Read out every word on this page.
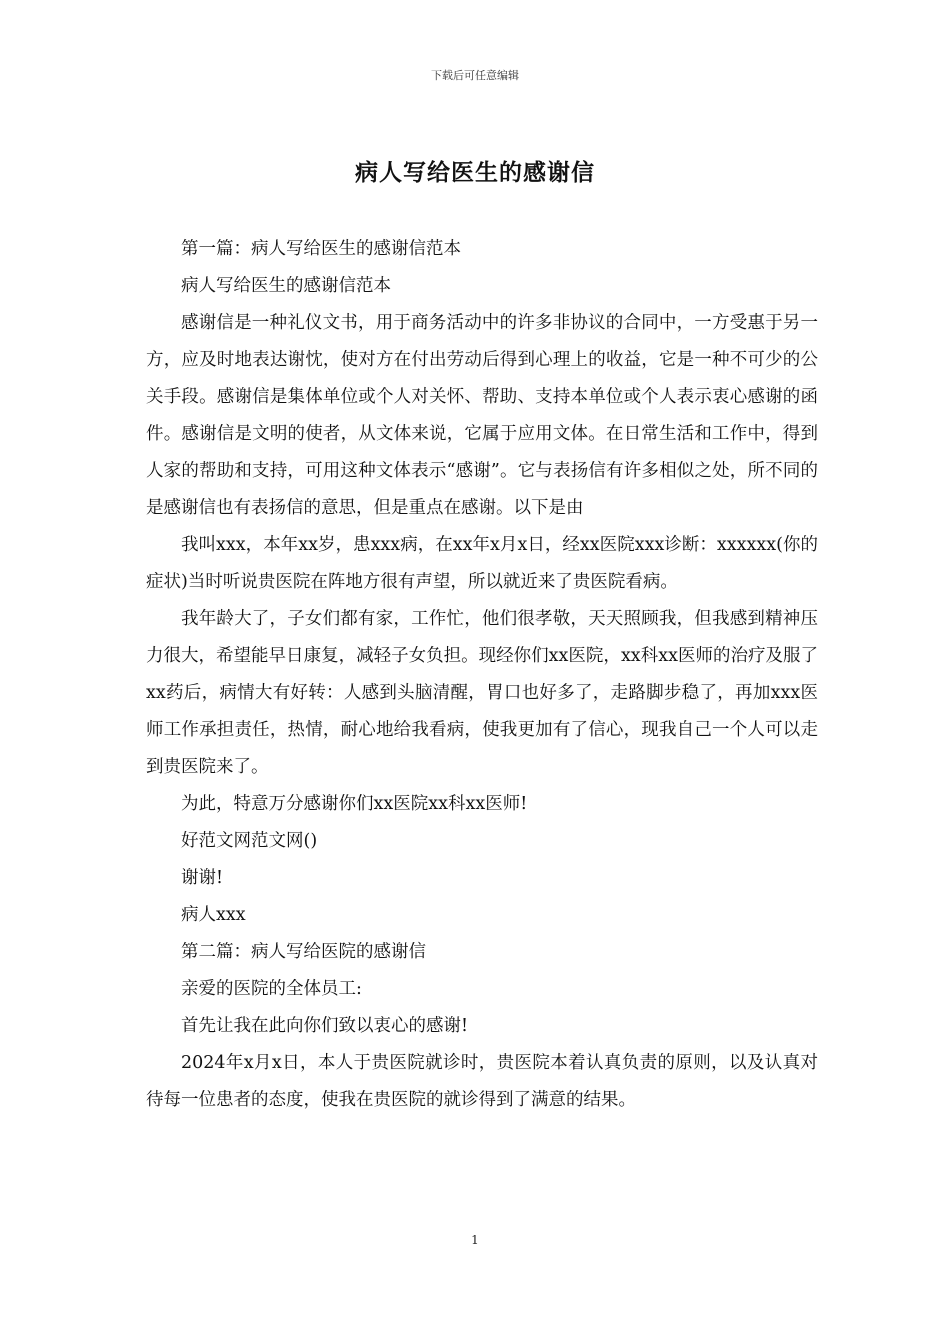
下载后可任意编辑
病人写给医生的感谢信

第一篇：病人写给医生的感谢信范本

病人写给医生的感谢信范本

感谢信是一种礼仪文书，用于商务活动中的许多非协议的合同中，一方受惠于另一方，应及时地表达谢忱，使对方在付出劳动后得到心理上的收益，它是一种不可少的公关手段。感谢信是集体单位或个人对关怀、帮助、支持本单位或个人表示衷心感谢的函件。感谢信是文明的使者，从文体来说，它属于应用文体。在日常生活和工作中，得到人家的帮助和支持，可用这种文体表示“感谢”。它与表扬信有许多相似之处，所不同的是感谢信也有表扬信的意思，但是重点在感谢。以下是由

我叫xxx，本年xx岁，患xxx病，在xx年x月x日，经xx医院xxx诊断：xxxxxx(你的症状)当时听说贵医院在阵地方很有声望，所以就近来了贵医院看病。

我年龄大了，子女们都有家，工作忙，他们很孝敬，天天照顾我，但我感到精神压力很大，希望能早日康复，减轻子女负担。现经你们xx医院，xx科xx医师的治疗及服了xx药后，病情大有好转：人感到头脑清醒，胃口也好多了，走路脚步稳了，再加xxx医师工作承担责任，热情，耐心地给我看病，使我更加有了信心，现我自己一个人可以走到贵医院来了。

为此，特意万分感谢你们xx医院xx科xx医师!

好范文网范文网()

谢谢!

病人xxx

第二篇：病人写给医院的感谢信

亲爱的医院的全体员工:

首先让我在此向你们致以衷心的感谢!

2024年x月x日，本人于贵医院就诊时，贵医院本着认真负责的原则，以及认真对待每一位患者的态度，使我在贵医院的就诊得到了满意的结果。

1
